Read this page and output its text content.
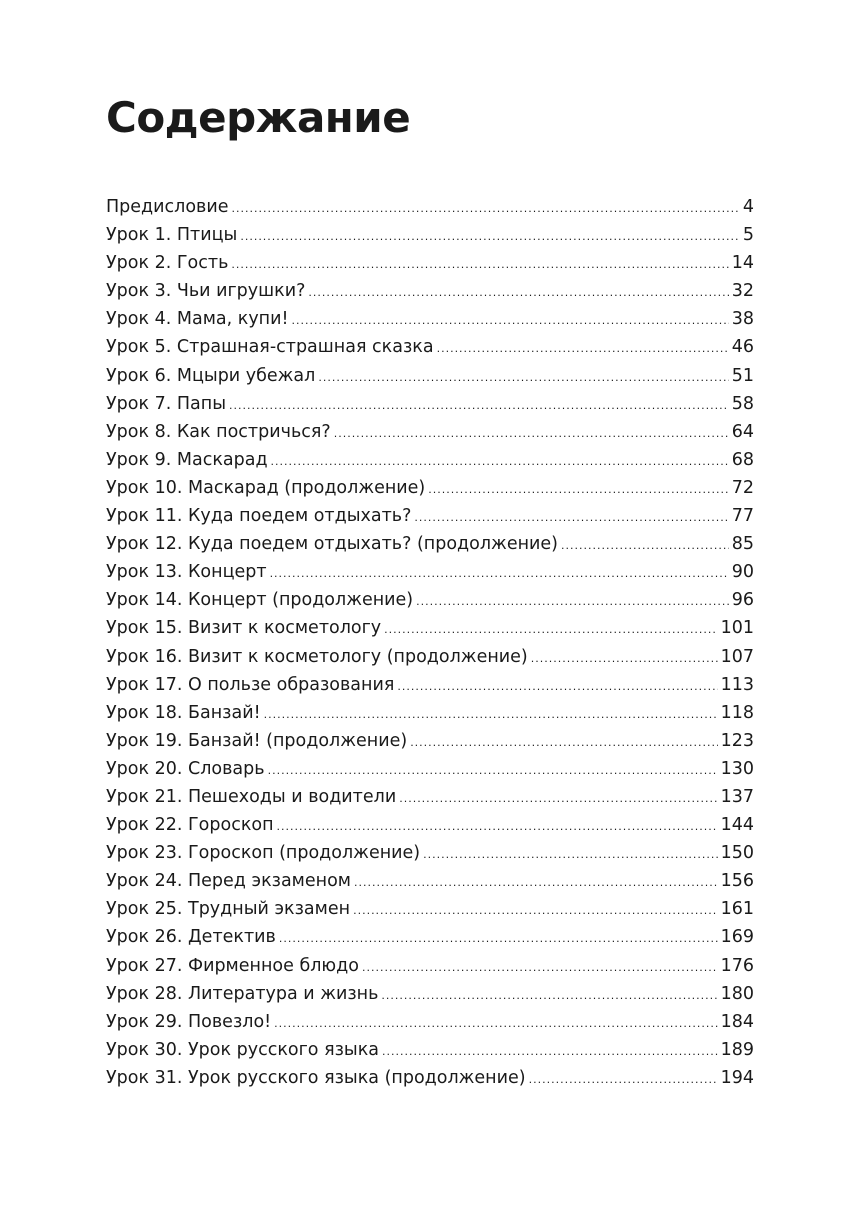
Содержание
Предисловие .....	4
Урок 1. Птицы .....	5
Урок 2. Гость .....	14
Урок 3. Чьи игрушки? .....	32
Урок 4. Мама, купи! .....	38
Урок 5. Страшная-страшная сказка .....	46
Урок 6. Мцыри убежал .....	51
Урок 7. Папы .....	58
Урок 8. Как постричься? .....	64
Урок 9. Маскарад .....	68
Урок 10. Маскарад (продолжение) .....	72
Урок 11. Куда поедем отдыхать? .....	77
Урок 12. Куда поедем отдыхать? (продолжение) .....	85
Урок 13. Концерт .....	90
Урок 14. Концерт (продолжение) .....	96
Урок 15. Визит к косметологу .....	101
Урок 16. Визит к косметологу (продолжение) .....	107
Урок 17. О пользе образования .....	113
Урок 18. Банзай! .....	118
Урок 19. Банзай! (продолжение) .....	123
Урок 20. Словарь .....	130
Урок 21. Пешеходы и водители .....	137
Урок 22. Гороскоп .....	144
Урок 23. Гороскоп (продолжение) .....	150
Урок 24. Перед экзаменом .....	156
Урок 25. Трудный экзамен .....	161
Урок 26. Детектив .....	169
Урок 27. Фирменное блюдо .....	176
Урок 28. Литература и жизнь .....	180
Урок 29. Повезло! .....	184
Урок 30. Урок русского языка .....	189
Урок 31. Урок русского языка (продолжение) .....	194
